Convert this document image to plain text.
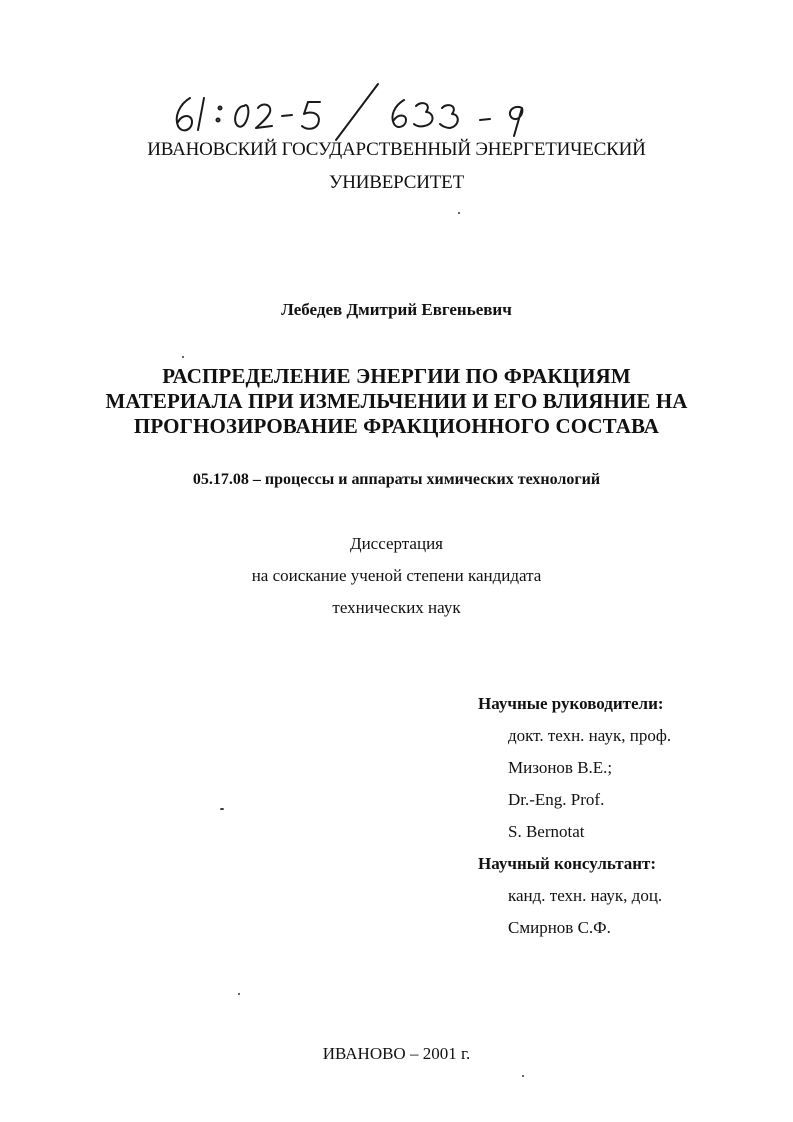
ИВАНОВСКИЙ ГОСУДАРСТВЕННЫЙ ЭНЕРГЕТИЧЕСКИЙ
УНИВЕРСИТЕТ
Лебедев Дмитрий Евгеньевич
РАСПРЕДЕЛЕНИЕ ЭНЕРГИИ ПО ФРАКЦИЯМ
МАТЕРИАЛА ПРИ ИЗМЕЛЬЧЕНИИ И ЕГО ВЛИЯНИЕ НА
ПРОГНОЗИРОВАНИЕ ФРАКЦИОННОГО СОСТАВА
05.17.08 – процессы и аппараты химических технологий
Диссертация
на соискание ученой степени кандидата
технических наук
Научные руководители:
докт. техн. наук, проф.
Мизонов В.Е.;
Dr.-Eng. Prof.
S. Bernotat
Научный консультант:
канд. техн. наук, доц.
Смирнов С.Ф.
ИВАНОВО – 2001 г.
